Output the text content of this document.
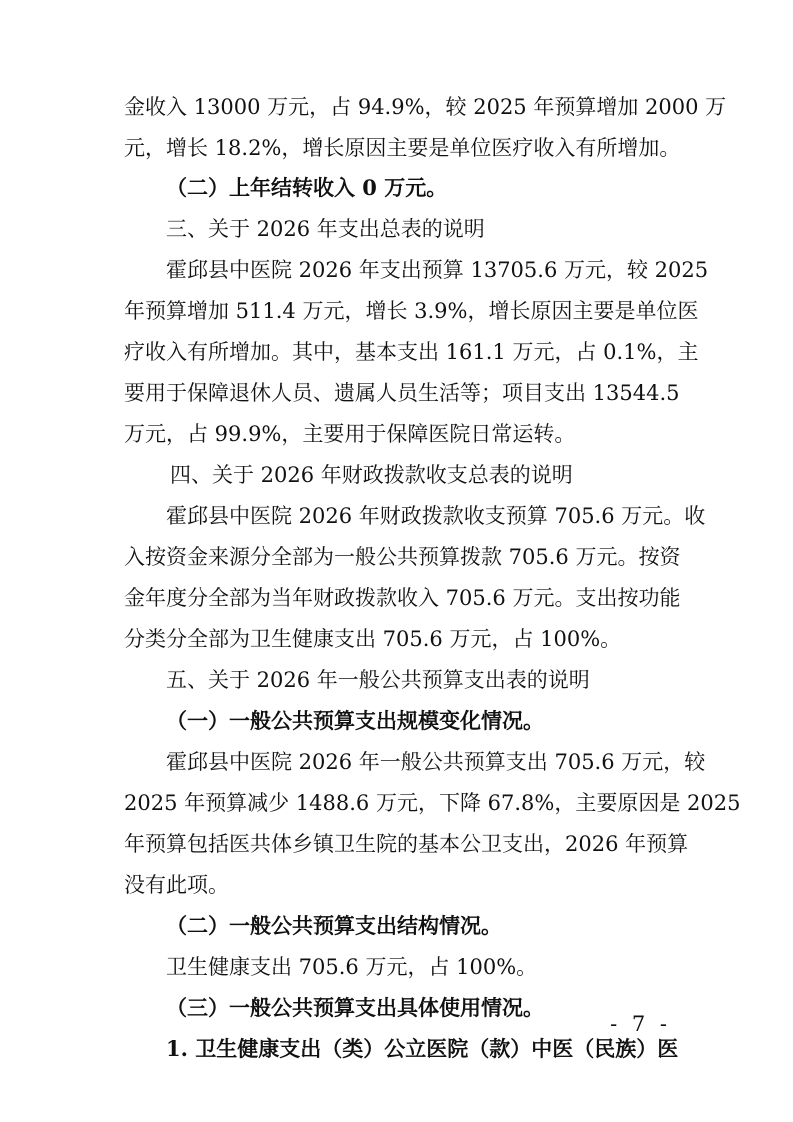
金收入 13000 万元，占 94.9%，较 2025 年预算增加 2000 万
元，增长 18.2%，增长原因主要是单位医疗收入有所增加。
（二）上年结转收入 0 万元。
三、关于 2026 年支出总表的说明
霍邱县中医院 2026 年支出预算 13705.6 万元，较 2025
年预算增加 511.4 万元，增长 3.9%，增长原因主要是单位医
疗收入有所增加。其中，基本支出 161.1 万元，占 0.1%，主
要用于保障退休人员、遗属人员生活等；项目支出 13544.5
万元，占 99.9%，主要用于保障医院日常运转。
四、关于 2026 年财政拨款收支总表的说明
霍邱县中医院 2026 年财政拨款收支预算 705.6 万元。收
入按资金来源分全部为一般公共预算拨款 705.6 万元。按资
金年度分全部为当年财政拨款收入 705.6 万元。支出按功能
分类分全部为卫生健康支出 705.6 万元，占 100%。
五、关于 2026 年一般公共预算支出表的说明
（一）一般公共预算支出规模变化情况。
霍邱县中医院 2026 年一般公共预算支出 705.6 万元，较
2025 年预算减少 1488.6 万元，下降 67.8%，主要原因是 2025
年预算包括医共体乡镇卫生院的基本公卫支出，2026 年预算
没有此项。
（二）一般公共预算支出结构情况。
卫生健康支出 705.6 万元，占 100%。
（三）一般公共预算支出具体使用情况。
1. 卫生健康支出（类）公立医院（款）中医（民族）医
- 7 -
